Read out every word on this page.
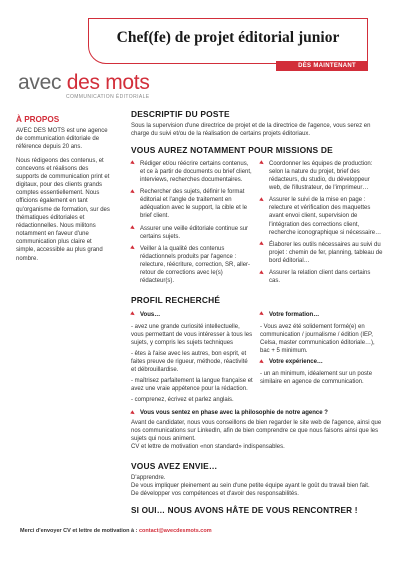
Chef(fe) de projet éditorial junior
DÈS MAINTENANT
avec des mots
COMMUNICATION ÉDITORIALE
À PROPOS

AVEC DES MOTS est une agence de communication éditoriale de référence depuis 20 ans.

Nous rédigeons des contenus, et concevons et réalisons des supports de communication print et digitaux, pour des clients grands comptes essentiellement. Nous officions également en tant qu'organisme de formation, sur des thématiques éditoriales et rédactionnelles. Nous militons notamment en faveur d'une communication plus claire et simple, accessible au plus grand nombre.

DESCRIPTIF DU POSTE

Sous la supervision d'une directrice de projet et de la directrice de l'agence, vous serez en charge du suivi et/ou de la réalisation de certains projets éditoriaux.

VOUS AUREZ NOTAMMENT POUR MISSIONS DE
Rédiger et/ou réécrire certains contenus, et ce à partir de documents ou brief client, interviews, recherches documentaires.
Rechercher des sujets, définir le format éditorial et l'angle de traitement en adéquation avec le support, la cible et le brief client.
Assurer une veille éditoriale continue sur certains sujets.
Veiller à la qualité des contenus rédactionnels produits par l'agence : relecture, réécriture, correction, SR, aller-retour de corrections avec le(s) rédacteur(s).
Coordonner les équipes de production: selon la nature du projet, brief des rédacteurs, du studio, du développeur web, de l'illustrateur, de l'imprimeur…
Assurer le suivi de la mise en page : relecture et vérification des maquettes avant envoi client, supervision de l'intégration des corrections client, recherche iconographique si nécessaire…
Élaborer les outils nécessaires au suivi du projet : chemin de fer, planning, tableau de bord éditorial…
Assurer la relation client dans certains cas.
PROFIL RECHERCHÉ
Vous…

- avez une grande curiosité intellectuelle, vous permettant de vous intéresser à tous les sujets, y compris les sujets techniques

- êtes à l'aise avec les autres, bon esprit, et faites preuve de rigueur, méthode, réactivité et débrouillardise.

- maîtrisez parfaitement la langue française et avez une vraie appétence pour la rédaction.

- comprenez, écrivez et parlez anglais.

Votre formation…

- Vous avez été solidement formé(e) en communication / journalisme / édition (IEP, Celsa, master communication éditoriale…), bac + 5 minimum.

Votre expérience…

- un an minimum, idéalement sur un poste similaire en agence de communication.

Vous vous sentez en phase avec la philosophie de notre agence ?

Avant de candidater, nous vous conseillons de bien regarder le site web de l'agence, ainsi que nos communications sur LinkedIn, afin de bien comprendre ce que nous faisons ainsi que les sujets qui nous animent.

CV et lettre de motivation «non standard» indispensables.

VOUS AVEZ ENVIE…

D'apprendre.

De vous impliquer pleinement au sein d'une petite équipe ayant le goût du travail bien fait.

De développer vos compétences et d'avoir des responsabilités.

SI OUI… NOUS AVONS HÂTE DE VOUS RENCONTRER !
Merci d'envoyer CV et lettre de motivation à : contact@avecdesmots.com
